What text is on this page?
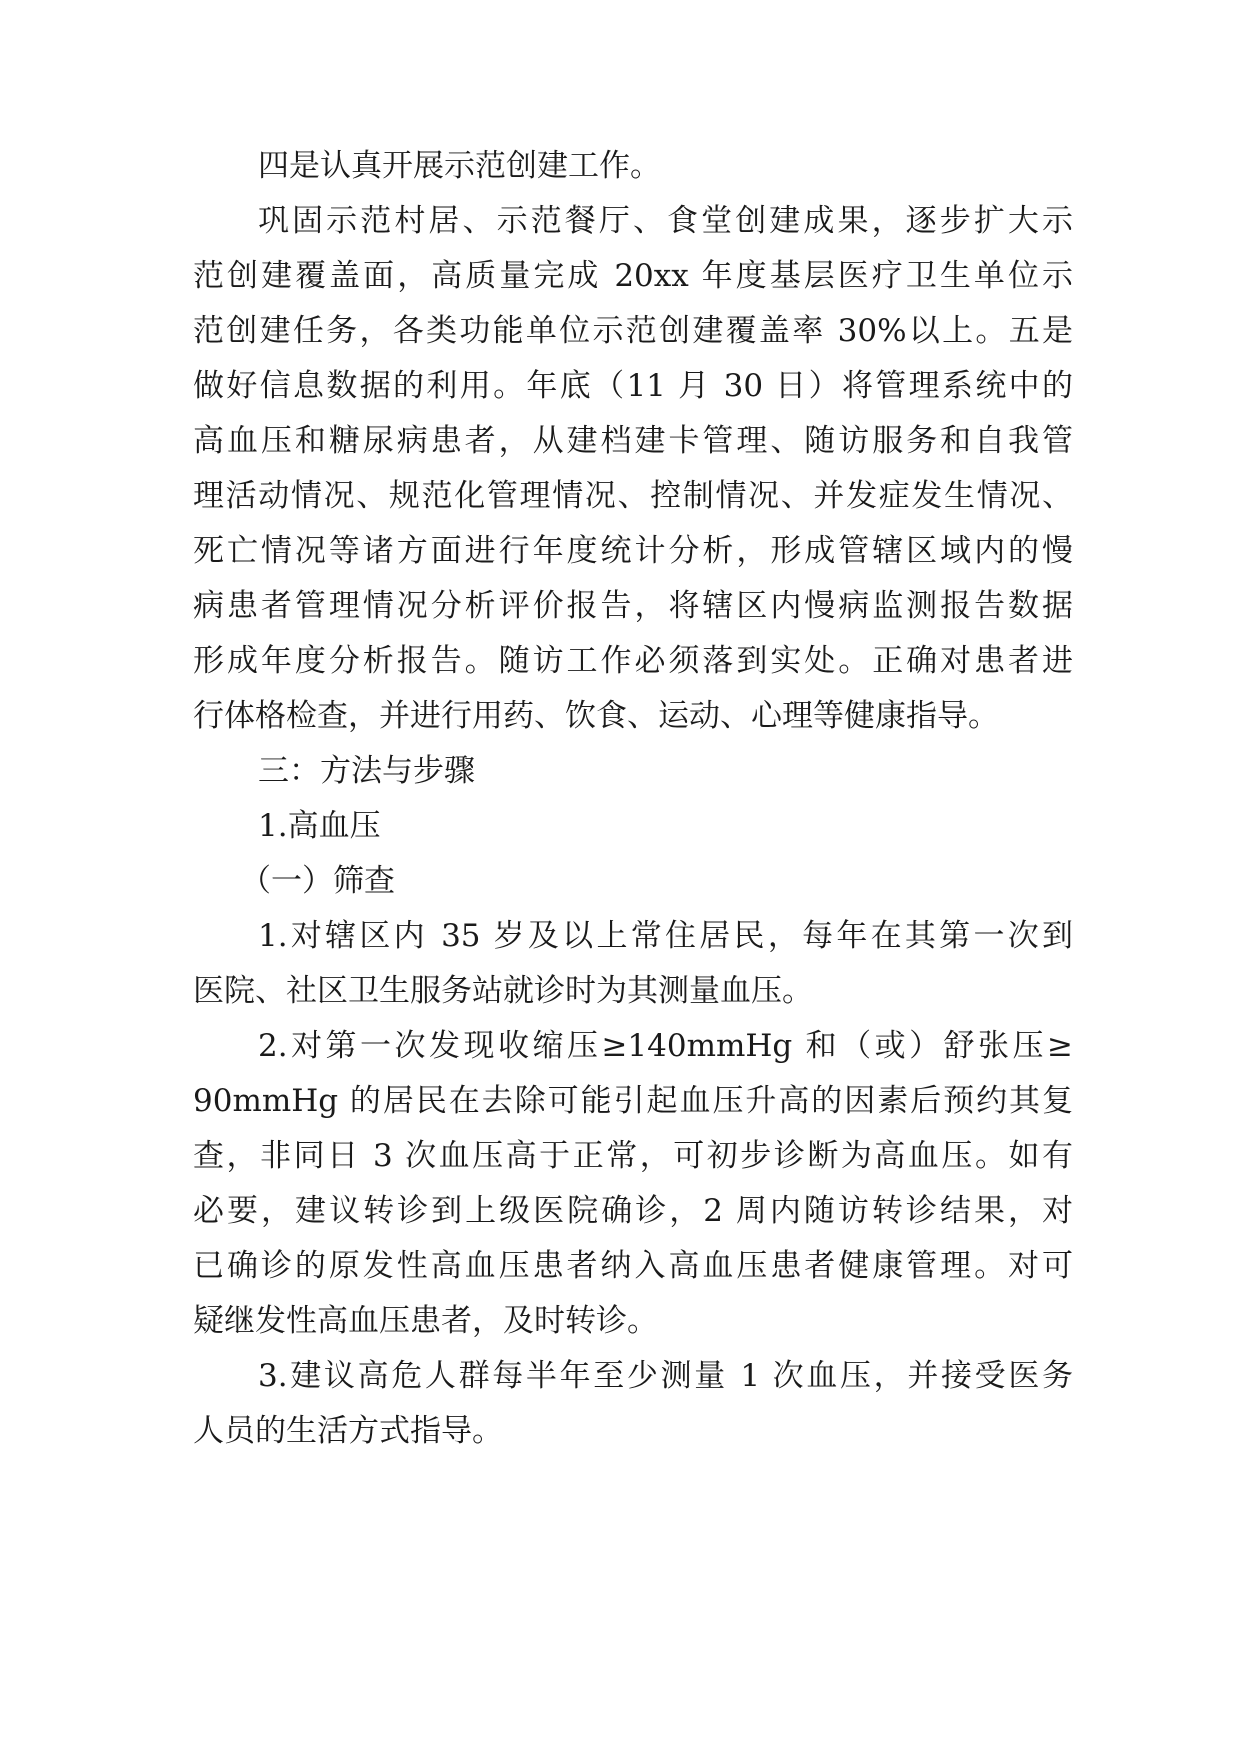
四是认真开展示范创建工作。
巩固示范村居、示范餐厅、食堂创建成果，逐步扩大示
范创建覆盖面，高质量完成 20xx 年度基层医疗卫生单位示
范创建任务，各类功能单位示范创建覆盖率 30%以上。五是
做好信息数据的利用。年底（11 月 30 日）将管理系统中的
高血压和糖尿病患者，从建档建卡管理、随访服务和自我管
理活动情况、规范化管理情况、控制情况、并发症发生情况、
死亡情况等诸方面进行年度统计分析，形成管辖区域内的慢
病患者管理情况分析评价报告，将辖区内慢病监测报告数据
形成年度分析报告。随访工作必须落到实处。正确对患者进
行体格检查，并进行用药、饮食、运动、心理等健康指导。
三：方法与步骤
1.高血压
（一）筛查
1.对辖区内 35 岁及以上常住居民，每年在其第一次到
医院、社区卫生服务站就诊时为其测量血压。
2.对第一次发现收缩压≥140mmHg 和（或）舒张压≥
90mmHg 的居民在去除可能引起血压升高的因素后预约其复
查，非同日 3 次血压高于正常，可初步诊断为高血压。如有
必要，建议转诊到上级医院确诊，2 周内随访转诊结果，对
已确诊的原发性高血压患者纳入高血压患者健康管理。对可
疑继发性高血压患者，及时转诊。
3.建议高危人群每半年至少测量 1 次血压，并接受医务
人员的生活方式指导。
